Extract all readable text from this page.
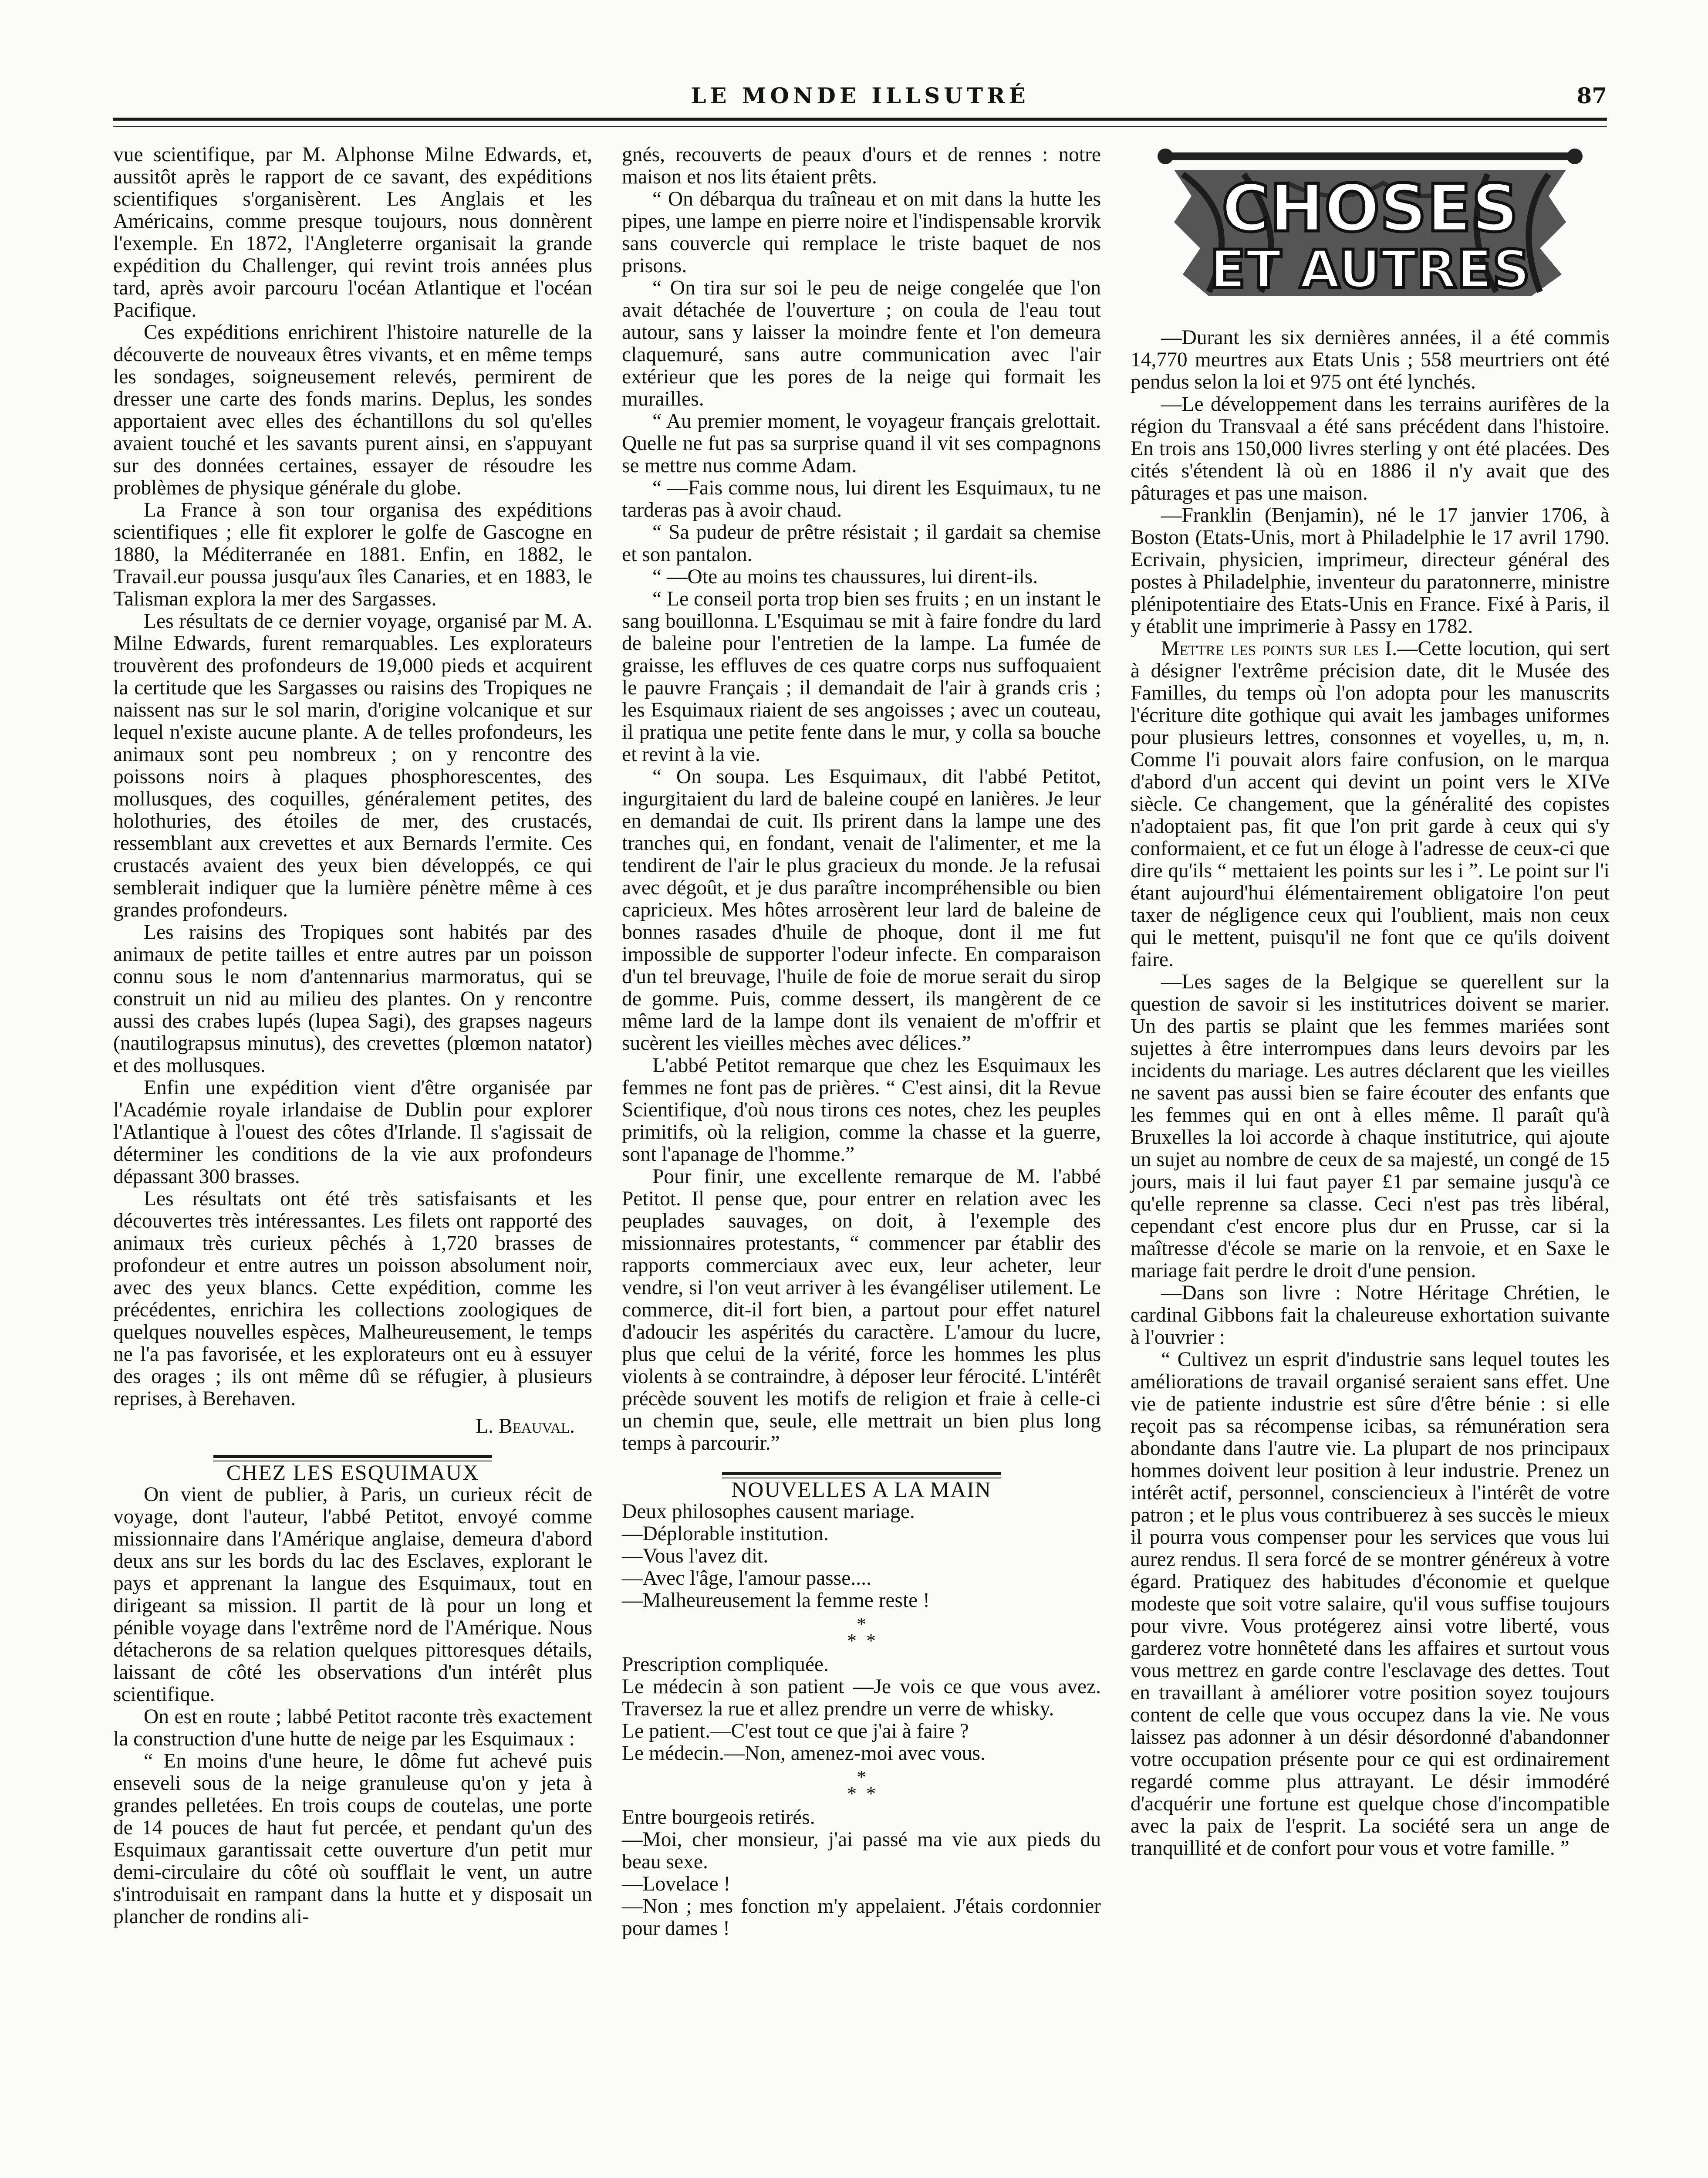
LE MONDE ILLSUTRÉ	87

vue scientifique, par M. Alphonse Milne Edwards, et, aussitôt après le rapport de ce savant, des expéditions scientifiques s'organisèrent. Les Anglais et les Américains, comme presque toujours, nous donnèrent l'exemple. En 1872, l'Angleterre organisait la grande expédition du Challenger, qui revint trois années plus tard, après avoir parcouru l'océan Atlantique et l'océan Pacifique.

Ces expéditions enrichirent l'histoire naturelle de la découverte de nouveaux êtres vivants, et en même temps les sondages, soigneusement relevés, permirent de dresser une carte des fonds marins. Deplus, les sondes apportaient avec elles des échantillons du sol qu'elles avaient touché et les savants purent ainsi, en s'appuyant sur des données certaines, essayer de résoudre les problèmes de physique générale du globe.

La France à son tour organisa des expéditions scientifiques ; elle fit explorer le golfe de Gascogne en 1880, la Méditerranée en 1881. Enfin, en 1882, le Travail.eur poussa jusqu'aux îles Canaries, et en 1883, le Talisman explora la mer des Sargasses.

Les résultats de ce dernier voyage, organisé par M. A. Milne Edwards, furent remarquables. Les explorateurs trouvèrent des profondeurs de 19,000 pieds et acquirent la certitude que les Sargasses ou raisins des Tropiques ne naissent nas sur le sol marin, d'origine volcanique et sur lequel n'existe aucune plante. A de telles profondeurs, les animaux sont peu nombreux ; on y rencontre des poissons noirs à plaques phosphorescentes, des mollusques, des coquilles, généralement petites, des holothuries, des étoiles de mer, des crustacés, ressemblant aux crevettes et aux Bernards l'ermite. Ces crustacés avaient des yeux bien développés, ce qui semblerait indiquer que la lumière pénètre même à ces grandes profondeurs.

Les raisins des Tropiques sont habités par des animaux de petite tailles et entre autres par un poisson connu sous le nom d'antennarius marmoratus, qui se construit un nid au milieu des plantes. On y rencontre aussi des crabes lupés (lupea Sagi), des grapses nageurs (nautilograpsus minutus), des crevettes (plœmon natator) et des mollusques.

Enfin une expédition vient d'être organisée par l'Académie royale irlandaise de Dublin pour explorer l'Atlantique à l'ouest des côtes d'Irlande. Il s'agissait de déterminer les conditions de la vie aux profondeurs dépassant 300 brasses.

Les résultats ont été très satisfaisants et les découvertes très intéressantes. Les filets ont rapporté des animaux très curieux pêchés à 1,720 brasses de profondeur et entre autres un poisson absolument noir, avec des yeux blancs. Cette expédition, comme les précédentes, enrichira les collections zoologiques de quelques nouvelles espèces, Malheureusement, le temps ne l'a pas favorisée, et les explorateurs ont eu à essuyer des orages ; ils ont même dû se réfugier, à plusieurs reprises, à Berehaven.

L. Beauval.

CHEZ LES ESQUIMAUX

On vient de publier, à Paris, un curieux récit de voyage, dont l'auteur, l'abbé Petitot, envoyé comme missionnaire dans l'Amérique anglaise, demeura d'abord deux ans sur les bords du lac des Esclaves, explorant le pays et apprenant la langue des Esquimaux, tout en dirigeant sa mission. Il partit de là pour un long et pénible voyage dans l'extrême nord de l'Amérique. Nous détacherons de sa relation quelques pittoresques détails, laissant de côté les observations d'un intérêt plus scientifique.

On est en route ; labbé Petitot raconte très exactement la construction d'une hutte de neige par les Esquimaux :

“ En moins d'une heure, le dôme fut achevé puis enseveli sous de la neige granuleuse qu'on y jeta à grandes pelletées. En trois coups de coutelas, une porte de 14 pouces de haut fut percée, et pendant qu'un des Esquimaux garantissait cette ouverture d'un petit mur demi-circulaire du côté où soufflait le vent, un autre s'introduisait en rampant dans la hutte et y disposait un plancher de rondins ali-

gnés, recouverts de peaux d'ours et de rennes : notre maison et nos lits étaient prêts.

“ On débarqua du traîneau et on mit dans la hutte les pipes, une lampe en pierre noire et l'indispensable krorvik sans couvercle qui remplace le triste baquet de nos prisons.

“ On tira sur soi le peu de neige congelée que l'on avait détachée de l'ouverture ; on coula de l'eau tout autour, sans y laisser la moindre fente et l'on demeura claquemuré, sans autre communication avec l'air extérieur que les pores de la neige qui formait les murailles.

“ Au premier moment, le voyageur français grelottait. Quelle ne fut pas sa surprise quand il vit ses compagnons se mettre nus comme Adam.

“ —Fais comme nous, lui dirent les Esquimaux, tu ne tarderas pas à avoir chaud.

“ Sa pudeur de prêtre résistait ; il gardait sa chemise et son pantalon.

“ —Ote au moins tes chaussures, lui dirent-ils.

“ Le conseil porta trop bien ses fruits ; en un instant le sang bouillonna. L'Esquimau se mit à faire fondre du lard de baleine pour l'entretien de la lampe. La fumée de graisse, les effluves de ces quatre corps nus suffoquaient le pauvre Français ; il demandait de l'air à grands cris ; les Esquimaux riaient de ses angoisses ; avec un couteau, il pratiqua une petite fente dans le mur, y colla sa bouche et revint à la vie.

“ On soupa. Les Esquimaux, dit l'abbé Petitot, ingurgitaient du lard de baleine coupé en lanières. Je leur en demandai de cuit. Ils prirent dans la lampe une des tranches qui, en fondant, venait de l'alimenter, et me la tendirent de l'air le plus gracieux du monde. Je la refusai avec dégoût, et je dus paraître incompréhensible ou bien capricieux. Mes hôtes arrosèrent leur lard de baleine de bonnes rasades d'huile de phoque, dont il me fut impossible de supporter l'odeur infecte. En comparaison d'un tel breuvage, l'huile de foie de morue serait du sirop de gomme. Puis, comme dessert, ils mangèrent de ce même lard de la lampe dont ils venaient de m'offrir et sucèrent les vieilles mèches avec délices.”

L'abbé Petitot remarque que chez les Esquimaux les femmes ne font pas de prières. “ C'est ainsi, dit la Revue Scientifique, d'où nous tirons ces notes, chez les peuples primitifs, où la religion, comme la chasse et la guerre, sont l'apanage de l'homme.”

Pour finir, une excellente remarque de M. l'abbé Petitot. Il pense que, pour entrer en relation avec les peuplades sauvages, on doit, à l'exemple des missionnaires protestants, “ commencer par établir des rapports commerciaux avec eux, leur acheter, leur vendre, si l'on veut arriver à les évangéliser utilement. Le commerce, dit-il fort bien, a partout pour effet naturel d'adoucir les aspérités du caractère. L'amour du lucre, plus que celui de la vérité, force les hommes les plus violents à se contraindre, à déposer leur férocité. L'intérêt précède souvent les motifs de religion et fraie à celle-ci un chemin que, seule, elle mettrait un bien plus long temps à parcourir.”

NOUVELLES A LA MAIN

Deux philosophes causent mariage.

—Déplorable institution.

—Vous l'avez dit.

—Avec l'âge, l'amour passe....

—Malheureusement la femme reste !

*
* *

Prescription compliquée.

Le médecin à son patient —Je vois ce que vous avez. Traversez la rue et allez prendre un verre de whisky.

Le patient.—C'est tout ce que j'ai à faire ?

Le médecin.—Non, amenez-moi avec vous.

*
* *

Entre bourgeois retirés.

—Moi, cher monsieur, j'ai passé ma vie aux pieds du beau sexe.

—Lovelace !

—Non ; mes fonction m'y appelaient. J'étais cordonnier pour dames !

CHOSES
ET AUTRES

—Durant les six dernières années, il a été commis 14,770 meurtres aux Etats Unis ; 558 meurtriers ont été pendus selon la loi et 975 ont été lynchés.

—Le développement dans les terrains aurifères de la région du Transvaal a été sans précédent dans l'histoire. En trois ans 150,000 livres sterling y ont été placées. Des cités s'étendent là où en 1886 il n'y avait que des pâturages et pas une maison.

—Franklin (Benjamin), né le 17 janvier 1706, à Boston (Etats-Unis, mort à Philadelphie le 17 avril 1790. Ecrivain, physicien, imprimeur, directeur général des postes à Philadelphie, inventeur du paratonnerre, ministre plénipotentiaire des Etats-Unis en France. Fixé à Paris, il y établit une imprimerie à Passy en 1782.

Mettre les points sur les I.—Cette locution, qui sert à désigner l'extrême précision date, dit le Musée des Familles, du temps où l'on adopta pour les manuscrits l'écriture dite gothique qui avait les jambages uniformes pour plusieurs lettres, consonnes et voyelles, u, m, n. Comme l'i pouvait alors faire confusion, on le marqua d'abord d'un accent qui devint un point vers le XIVe siècle. Ce changement, que la généralité des copistes n'adoptaient pas, fit que l'on prit garde à ceux qui s'y conformaient, et ce fut un éloge à l'adresse de ceux-ci que dire qu'ils “ mettaient les points sur les i ”. Le point sur l'i étant aujourd'hui élémentairement obligatoire l'on peut taxer de négligence ceux qui l'oublient, mais non ceux qui le mettent, puisqu'il ne font que ce qu'ils doivent faire.

—Les sages de la Belgique se querellent sur la question de savoir si les institutrices doivent se marier. Un des partis se plaint que les femmes mariées sont sujettes à être interrompues dans leurs devoirs par les incidents du mariage. Les autres déclarent que les vieilles ne savent pas aussi bien se faire écouter des enfants que les femmes qui en ont à elles même. Il paraît qu'à Bruxelles la loi accorde à chaque institutrice, qui ajoute un sujet au nombre de ceux de sa majesté, un congé de 15 jours, mais il lui faut payer £1 par semaine jusqu'à ce qu'elle reprenne sa classe. Ceci n'est pas très libéral, cependant c'est encore plus dur en Prusse, car si la maîtresse d'école se marie on la renvoie, et en Saxe le mariage fait perdre le droit d'une pension.

—Dans son livre : Notre Héritage Chrétien, le cardinal Gibbons fait la chaleureuse exhortation suivante à l'ouvrier :

“ Cultivez un esprit d'industrie sans lequel toutes les améliorations de travail organisé seraient sans effet. Une vie de patiente industrie est sûre d'être bénie : si elle reçoit pas sa récompense icibas, sa rémunération sera abondante dans l'autre vie. La plupart de nos principaux hommes doivent leur position à leur industrie. Prenez un intérêt actif, personnel, consciencieux à l'intérêt de votre patron ; et le plus vous contribuerez à ses succès le mieux il pourra vous compenser pour les services que vous lui aurez rendus. Il sera forcé de se montrer généreux à votre égard. Pratiquez des habitudes d'économie et quelque modeste que soit votre salaire, qu'il vous suffise toujours pour vivre. Vous protégerez ainsi votre liberté, vous garderez votre honnêteté dans les affaires et surtout vous vous mettrez en garde contre l'esclavage des dettes. Tout en travaillant à améliorer votre position soyez toujours content de celle que vous occupez dans la vie. Ne vous laissez pas adonner à un désir désordonné d'abandonner votre occupation présente pour ce qui est ordinairement regardé comme plus attrayant. Le désir immodéré d'acquérir une fortune est quelque chose d'incompatible avec la paix de l'esprit. La société sera un ange de tranquillité et de confort pour vous et votre famille. ”
